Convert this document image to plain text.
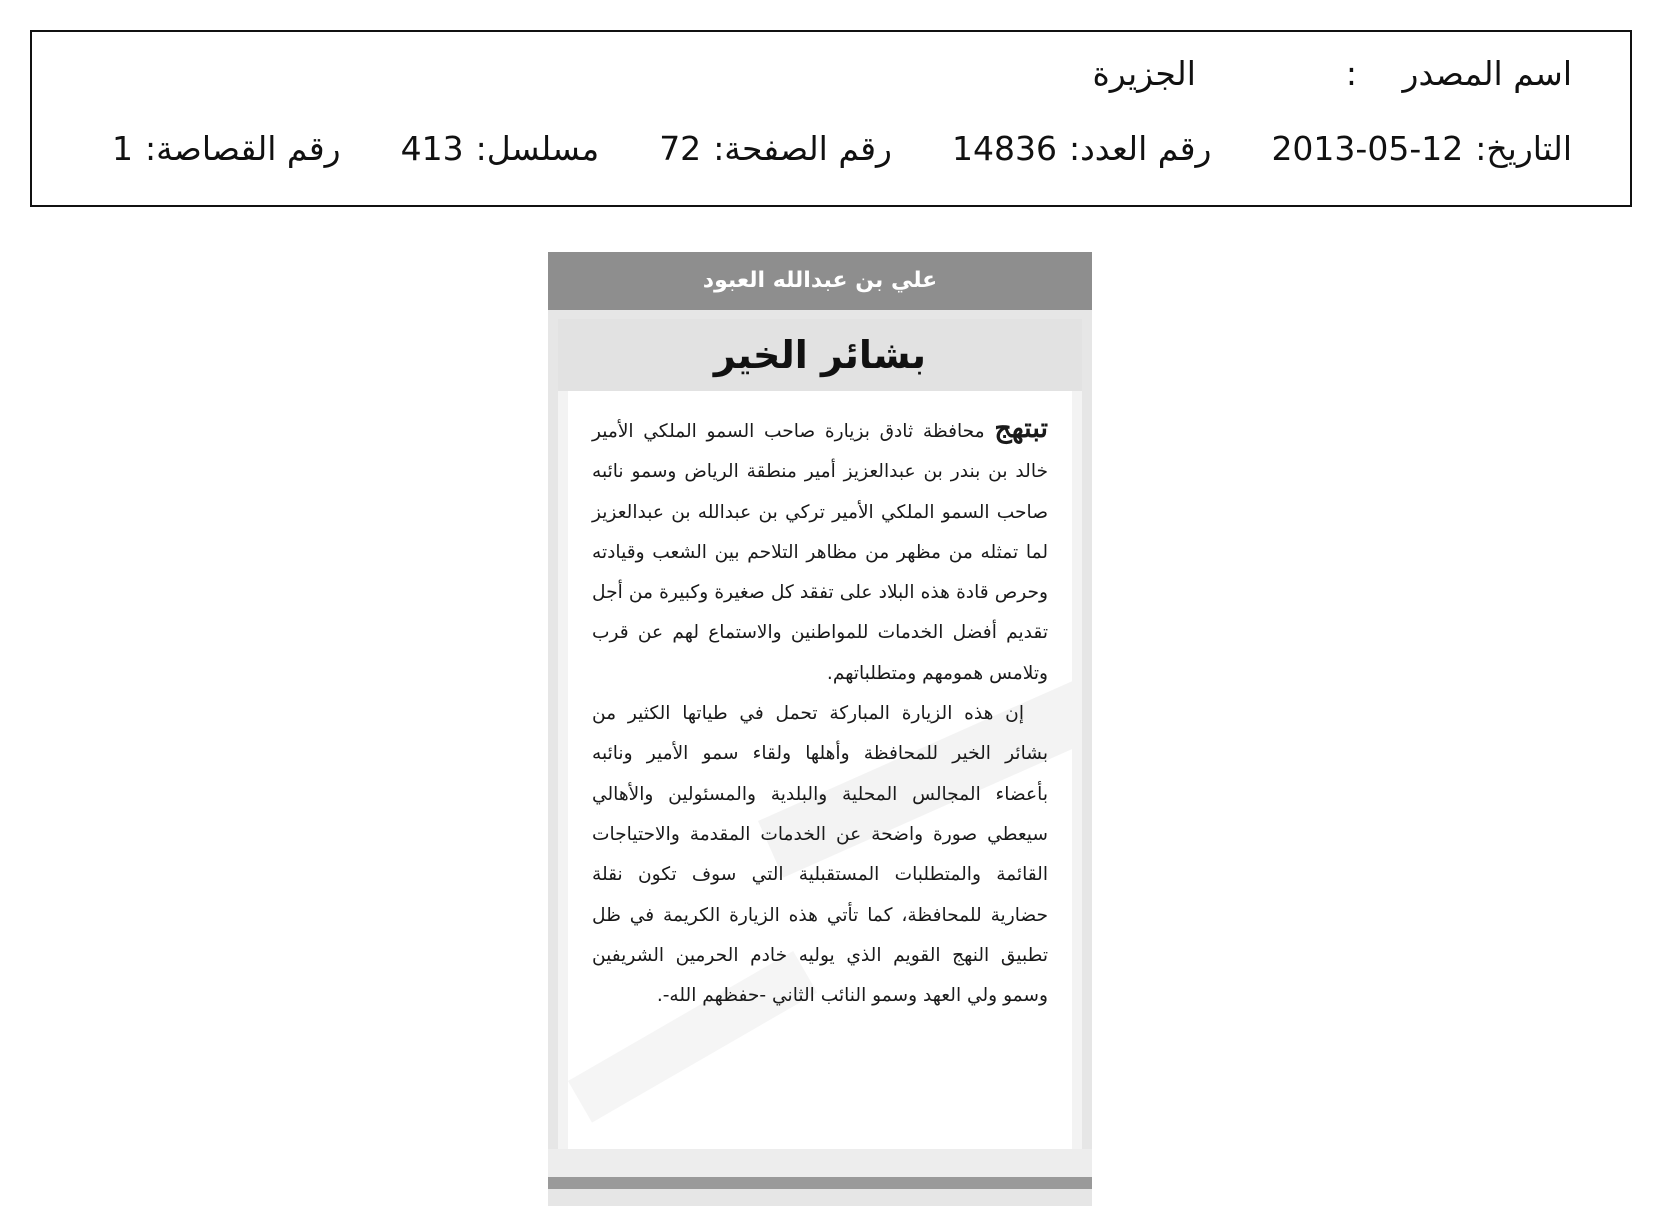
اسم المصدر
:
الجزيرة
التاريخ:
2013-05-12
رقم العدد:
14836
رقم الصفحة:
72
مسلسل:
413
رقم القصاصة:
1
علي بن عبدالله العبود
بشائر الخير

تبتهج محافظة ثادق بزيارة صاحب السمو الملكي الأمير خالد بن بندر بن عبدالعزيز أمير منطقة الرياض وسمو نائبه صاحب السمو الملكي الأمير تركي بن عبدالله بن عبدالعزيز لما تمثله من مظهر من مظاهر التلاحم بين الشعب وقيادته وحرص قادة هذه البلاد على تفقد كل صغيرة وكبيرة من أجل تقديم أفضل الخدمات للمواطنين والاستماع لهم عن قرب وتلامس همومهم ومتطلباتهم.

إن هذه الزيارة المباركة تحمل في طياتها الكثير من بشائر الخير للمحافظة وأهلها ولقاء سمو الأمير ونائبه بأعضاء المجالس المحلية والبلدية والمسئولين والأهالي سيعطي صورة واضحة عن الخدمات المقدمة والاحتياجات القائمة والمتطلبات المستقبلية التي سوف تكون نقلة حضارية للمحافظة، كما تأتي هذه الزيارة الكريمة في ظل تطبيق النهج القويم الذي يوليه خادم الحرمين الشريفين وسمو ولي العهد وسمو النائب الثاني -حفظهم الله-.
